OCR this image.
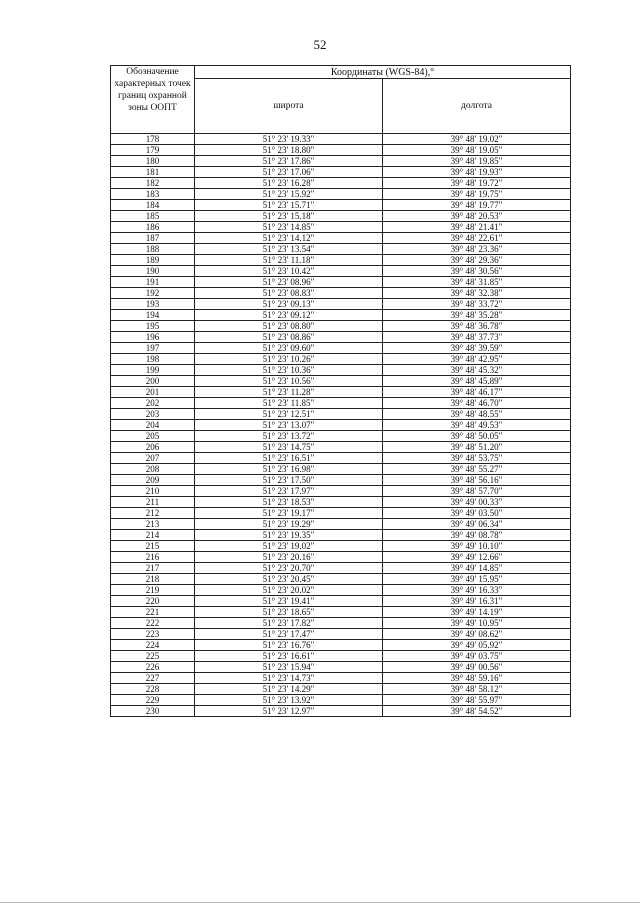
52
Обозначение характерных точек границ охранной зоны ООПТ	Координаты (WGS-84),°	
	широта	долгота
178	51° 23' 19.33"	39° 48' 19.02"
179	51° 23' 18.80"	39° 48' 19.05"
180	51° 23' 17.86"	39° 48' 19.85"
181	51° 23' 17.06"	39° 48' 19.93"
182	51° 23' 16.28"	39° 48' 19.72"
183	51° 23' 15.92"	39° 48' 19.75"
184	51° 23' 15.71"	39° 48' 19.77"
185	51° 23' 15.18"	39° 48' 20.53"
186	51° 23' 14.85"	39° 48' 21.41"
187	51° 23' 14.12"	39° 48' 22.61"
188	51° 23' 13.54"	39° 48' 23.36"
189	51° 23' 11.18"	39° 48' 29.36"
190	51° 23' 10.42"	39° 48' 30.56"
191	51° 23' 08.96"	39° 48' 31.85"
192	51° 23' 08.83"	39° 48' 32.38"
193	51° 23' 09.13"	39° 48' 33.72"
194	51° 23' 09.12"	39° 48' 35.28"
195	51° 23' 08.80"	39° 48' 36.78"
196	51° 23' 08.86"	39° 48' 37.73"
197	51° 23' 09.60"	39° 48' 39.59"
198	51° 23' 10.26"	39° 48' 42.95"
199	51° 23' 10.36"	39° 48' 45.32"
200	51° 23' 10.56"	39° 48' 45.89"
201	51° 23' 11.28"	39° 48' 46.17"
202	51° 23' 11.85"	39° 48' 46.70"
203	51° 23' 12.51"	39° 48' 48.55"
204	51° 23' 13.07"	39° 48' 49.53"
205	51° 23' 13.72"	39° 48' 50.05"
206	51° 23' 14.75"	39° 48' 51.20"
207	51° 23' 16.51"	39° 48' 53.75"
208	51° 23' 16.98"	39° 48' 55.27"
209	51° 23' 17.50"	39° 48' 56.16"
210	51° 23' 17.97"	39° 48' 57.70"
211	51° 23' 18.53"	39° 49' 00.33"
212	51° 23' 19.17"	39° 49' 03.50"
213	51° 23' 19.29"	39° 49' 06.34"
214	51° 23' 19.35"	39° 49' 08.78"
215	51° 23' 19.02"	39° 49' 10.10"
216	51° 23' 20.16"	39° 49' 12.66"
217	51° 23' 20.70"	39° 49' 14.85"
218	51° 23' 20.45"	39° 49' 15.95"
219	51° 23' 20.02"	39° 49' 16.33"
220	51° 23' 19.41"	39° 49' 16.31"
221	51° 23' 18.65"	39° 49' 14.19"
222	51° 23' 17.82"	39° 49' 10.95"
223	51° 23' 17.47"	39° 49' 08.62"
224	51° 23' 16.76"	39° 49' 05.92"
225	51° 23' 16.61"	39° 49' 03.75"
226	51° 23' 15.94"	39° 49' 00.56"
227	51° 23' 14.73"	39° 48' 59.16"
228	51° 23' 14.29"	39° 48' 58.12"
229	51° 23' 13.92"	39° 48' 55.97"
230	51° 23' 12.97"	39° 48' 54.52"
